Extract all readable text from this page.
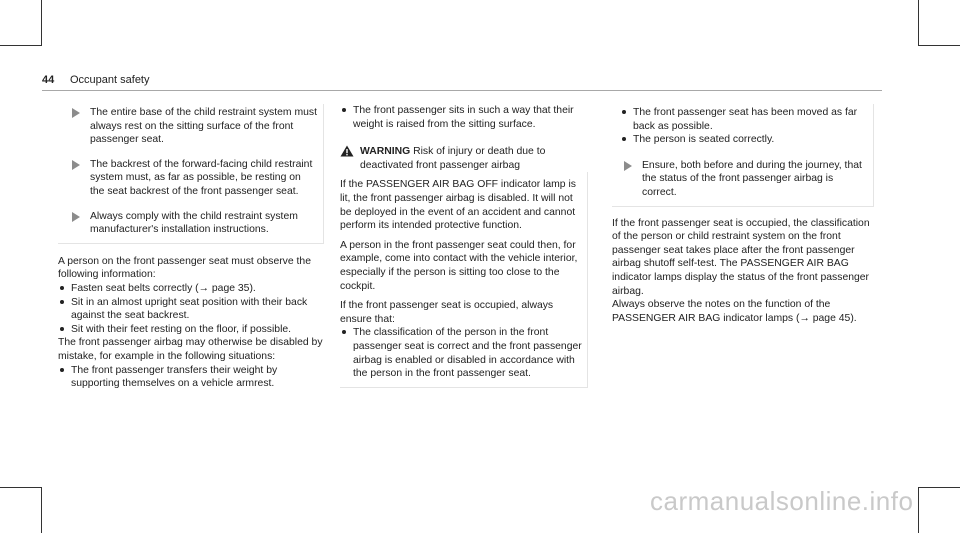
44 Occupant safety
The entire base of the child restraint system must always rest on the sitting surface of the front passenger seat.
The backrest of the forward-facing child restraint system must, as far as possible, be resting on the seat backrest of the front passenger seat.
Always comply with the child restraint system manufacturer's installation instructions.

A person on the front passenger seat must observe the following information:

Fasten seat belts correctly (→ page 35).
Sit in an almost upright seat position with their back against the seat backrest.
Sit with their feet resting on the floor, if possible.

The front passenger airbag may otherwise be disabled by mistake, for example in the following situations:

The front passenger transfers their weight by supporting themselves on a vehicle armrest.
The front passenger sits in such a way that their weight is raised from the sitting surface.
WARNING Risk of injury or death due to deactivated front passenger airbag

If the PASSENGER AIR BAG OFF indicator lamp is lit, the front passenger airbag is disabled. It will not be deployed in the event of an accident and cannot perform its intended protective function.

A person in the front passenger seat could then, for example, come into contact with the vehicle interior, especially if the person is sitting too close to the cockpit.

If the front passenger seat is occupied, always ensure that:

The classification of the person in the front passenger seat is correct and the front passenger airbag is enabled or disabled in accordance with the person in the front passenger seat.
The front passenger seat has been moved as far back as possible.
The person is seated correctly.
Ensure, both before and during the journey, that the status of the front passenger airbag is correct.

If the front passenger seat is occupied, the classification of the person or child restraint system on the front passenger seat takes place after the front passenger airbag shutoff self-test. The PASSENGER AIR BAG indicator lamps display the status of the front passenger airbag.

Always observe the notes on the function of the PASSENGER AIR BAG indicator lamps (→ page 45).

carmanualsonline.info
